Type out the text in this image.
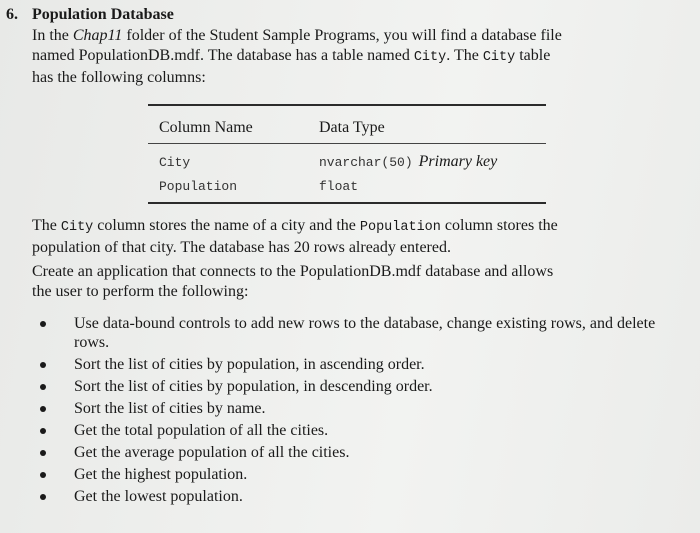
6. Population Database
In the Chap11 folder of the Student Sample Programs, you will find a database file
named PopulationDB.mdf. The database has a table named City. The City table
has the following columns:
Column Name	Data Type
City	nvarchar(50) Primary key
Population	float
The City column stores the name of a city and the Population column stores the
population of that city. The database has 20 rows already entered.
Create an application that connects to the PopulationDB.mdf database and allows
the user to perform the following:
Use data-bound controls to add new rows to the database, change existing rows, and delete rows.
Sort the list of cities by population, in ascending order.
Sort the list of cities by population, in descending order.
Sort the list of cities by name.
Get the total population of all the cities.
Get the average population of all the cities.
Get the highest population.
Get the lowest population.
